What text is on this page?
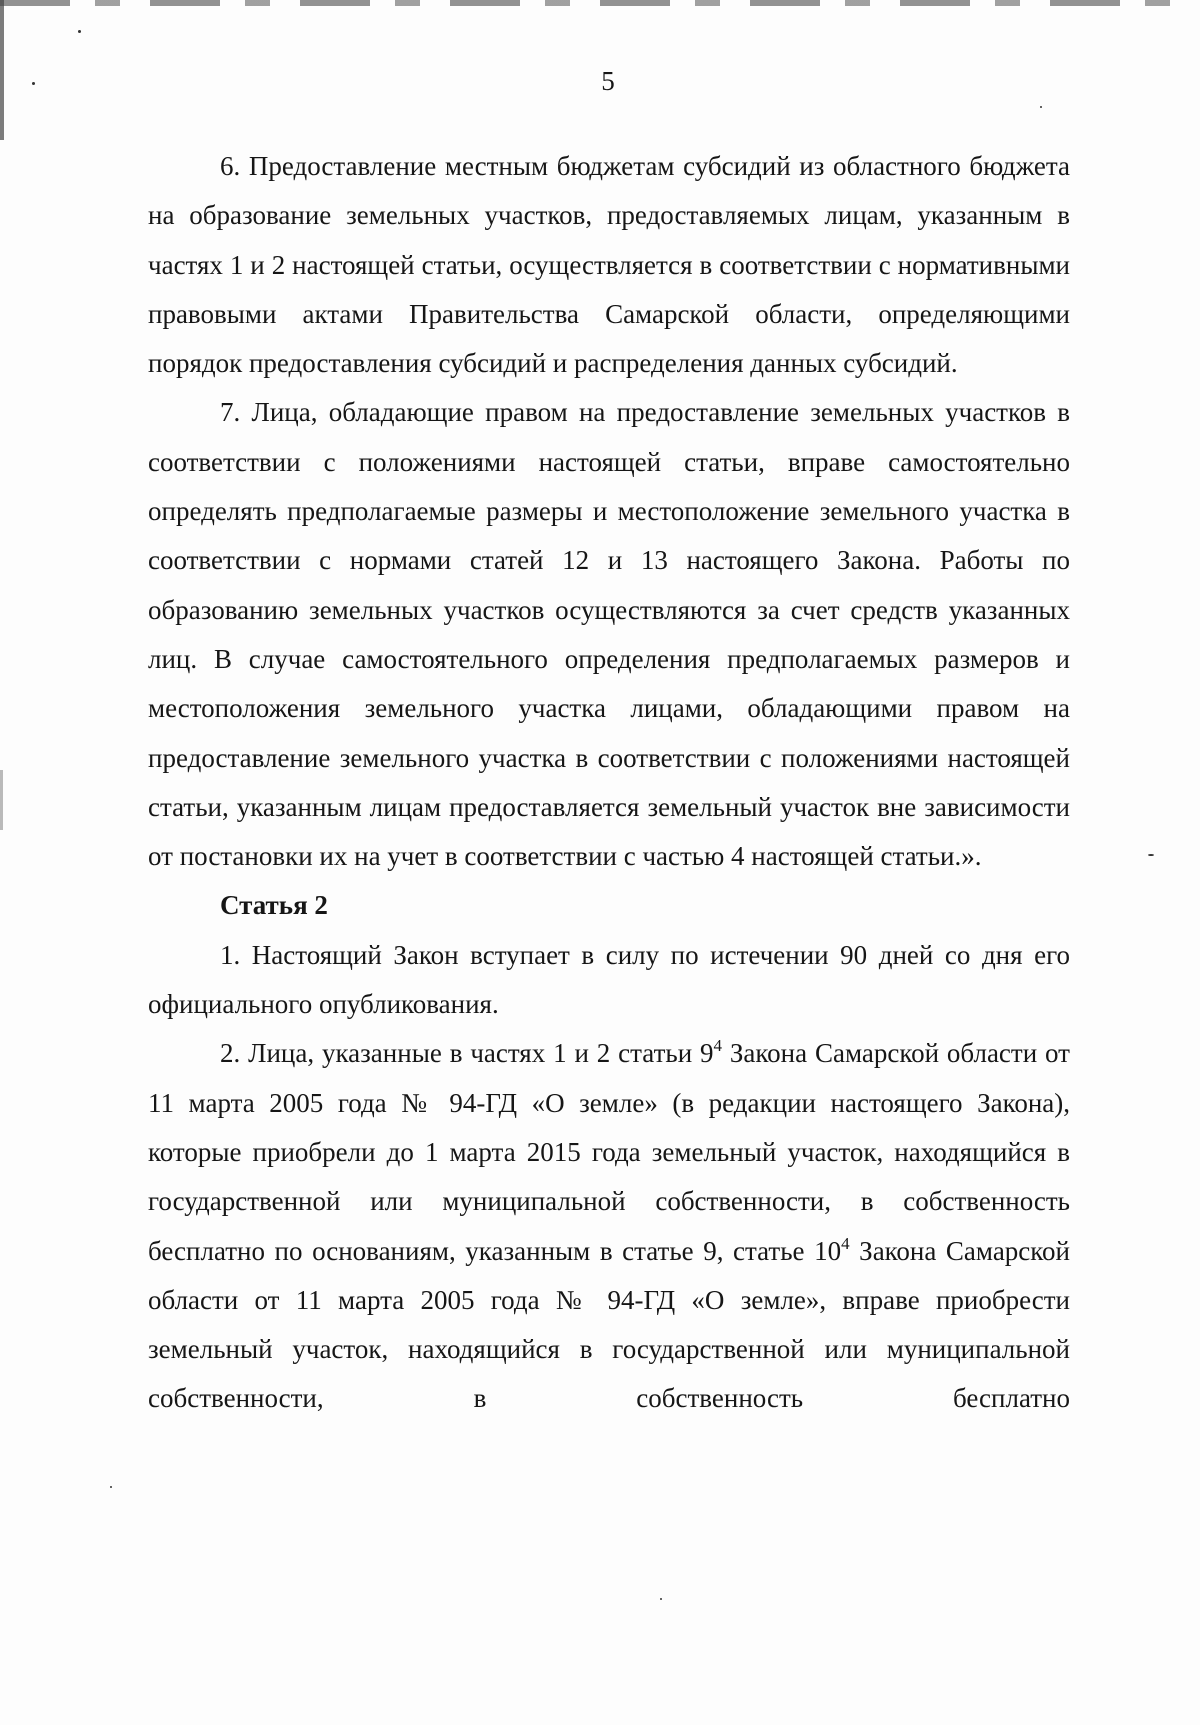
5

6. Предоставление местным бюджетам субсидий из областного бюджета на образование земельных участков, предоставляемых лицам, указанным в частях 1 и 2 настоящей статьи, осуществляется в соответствии с нормативными правовыми актами Правительства Самарской области, определяющими порядок предоставления субсидий и распределения данных субсидий.

7. Лица, обладающие правом на предоставление земельных участков в соответствии с положениями настоящей статьи, вправе самостоятельно определять предполагаемые размеры и местоположение земельного участка в соответствии с нормами статей 12 и 13 настоящего Закона. Работы по образованию земельных участков осуществляются за счет средств указанных лиц. В случае самостоятельного определения предполагаемых размеров и местоположения земельного участка лицами, обладающими правом на предоставление земельного участка в соответствии с положениями настоящей статьи, указанным лицам предоставляется земельный участок вне зависимости от постановки их на учет в соответствии с частью 4 настоящей статьи.».

Статья 2

1. Настоящий Закон вступает в силу по истечении 90 дней со дня его официального опубликования.

2. Лица, указанные в частях 1 и 2 статьи $9^4$ Закона Самарской области от 11 марта 2005 года № 94-ГД «О земле» (в редакции настоящего Закона), которые приобрели до 1 марта 2015 года земельный участок, находящийся в государственной или муниципальной собственности, в собственность бесплатно по основаниям, указанным в статье 9, статье $10^4$ Закона Самарской области от 11 марта 2005 года № 94-ГД «О земле», вправе приобрести земельный участок, находящийся в государственной или муниципальной собственности, в собственность бесплатно
